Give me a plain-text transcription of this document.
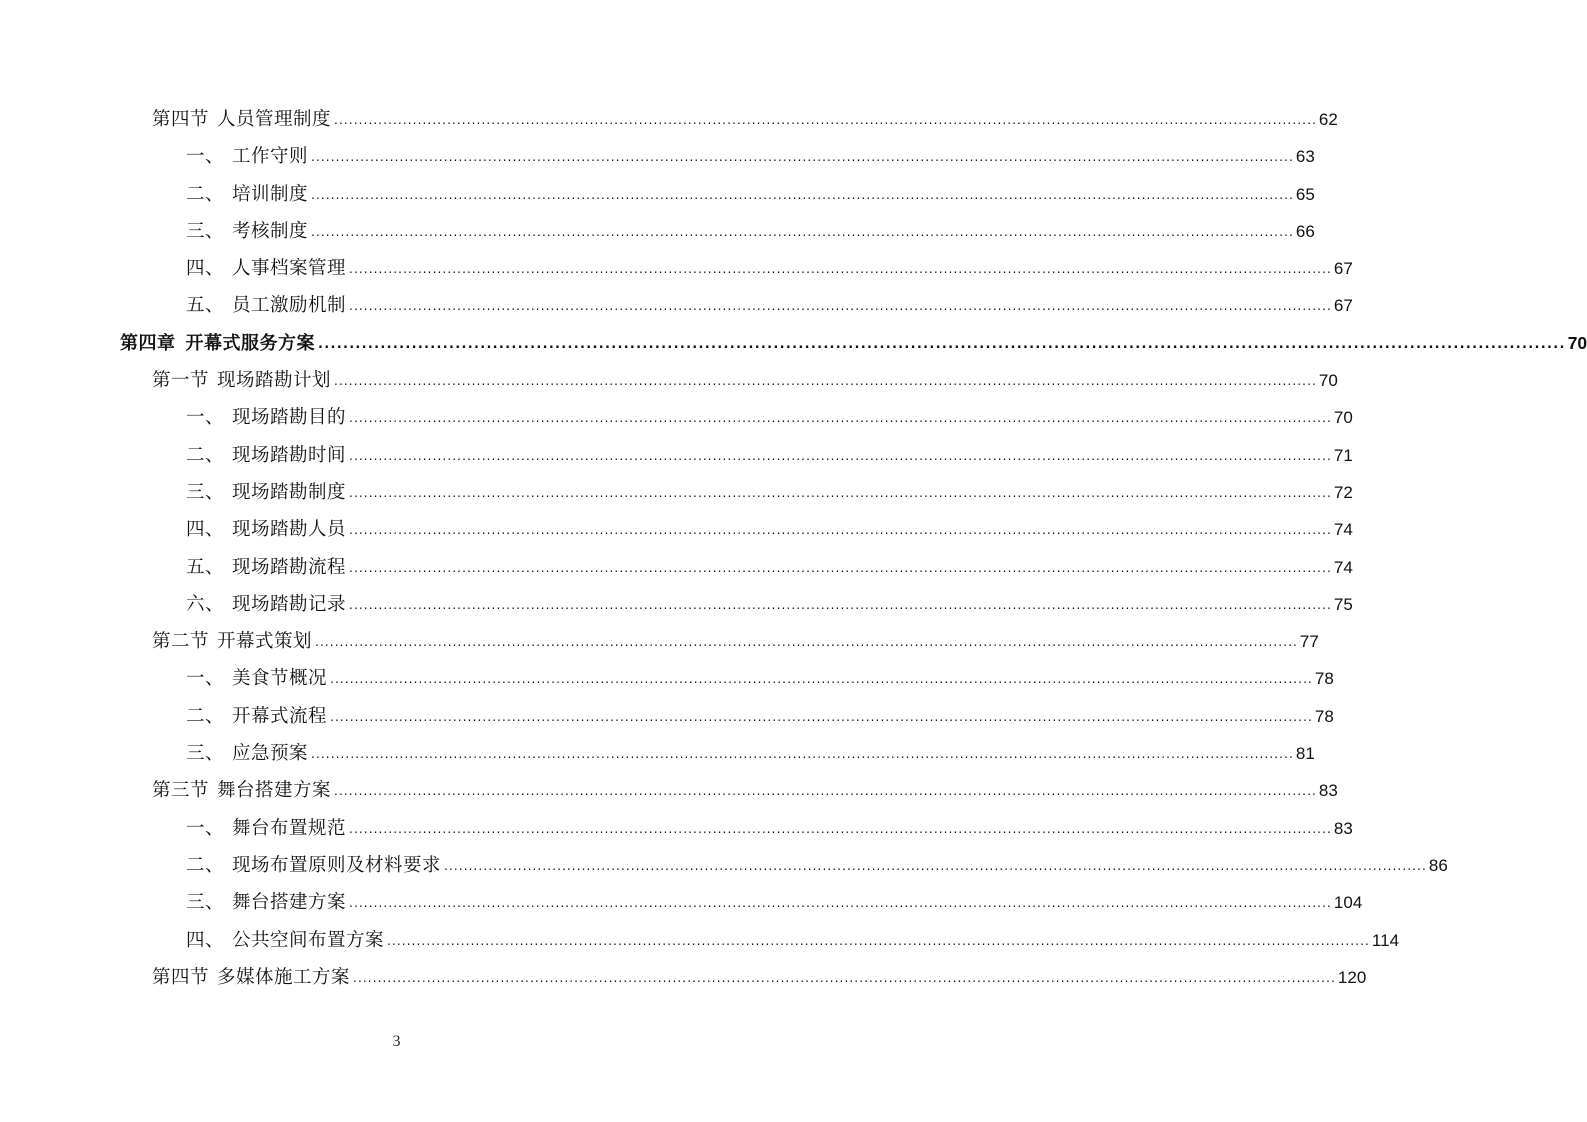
第四节 人员管理制度 ........................................................................................................................................................................................................ 62
一、 工作守则 ........................................................................................................................................................................................................ 63
二、 培训制度 ........................................................................................................................................................................................................ 65
三、 考核制度 ........................................................................................................................................................................................................ 66
四、 人事档案管理 ........................................................................................................................................................................................................ 67
五、 员工激励机制 ........................................................................................................................................................................................................ 67
第四章 开幕式服务方案 ........................................................................................................................................................................................................ 70
第一节 现场踏勘计划 ........................................................................................................................................................................................................ 70
一、 现场踏勘目的 ........................................................................................................................................................................................................ 70
二、 现场踏勘时间 ........................................................................................................................................................................................................ 71
三、 现场踏勘制度 ........................................................................................................................................................................................................ 72
四、 现场踏勘人员 ........................................................................................................................................................................................................ 74
五、 现场踏勘流程 ........................................................................................................................................................................................................ 74
六、 现场踏勘记录 ........................................................................................................................................................................................................ 75
第二节 开幕式策划 ........................................................................................................................................................................................................ 77
一、 美食节概况 ........................................................................................................................................................................................................ 78
二、 开幕式流程 ........................................................................................................................................................................................................ 78
三、 应急预案 ........................................................................................................................................................................................................ 81
第三节 舞台搭建方案 ........................................................................................................................................................................................................ 83
一、 舞台布置规范 ........................................................................................................................................................................................................ 83
二、 现场布置原则及材料要求 ........................................................................................................................................................................................................ 86
三、 舞台搭建方案 ........................................................................................................................................................................................................ 104
四、 公共空间布置方案 ........................................................................................................................................................................................................ 114
第四节 多媒体施工方案 ........................................................................................................................................................................................................ 120
3
